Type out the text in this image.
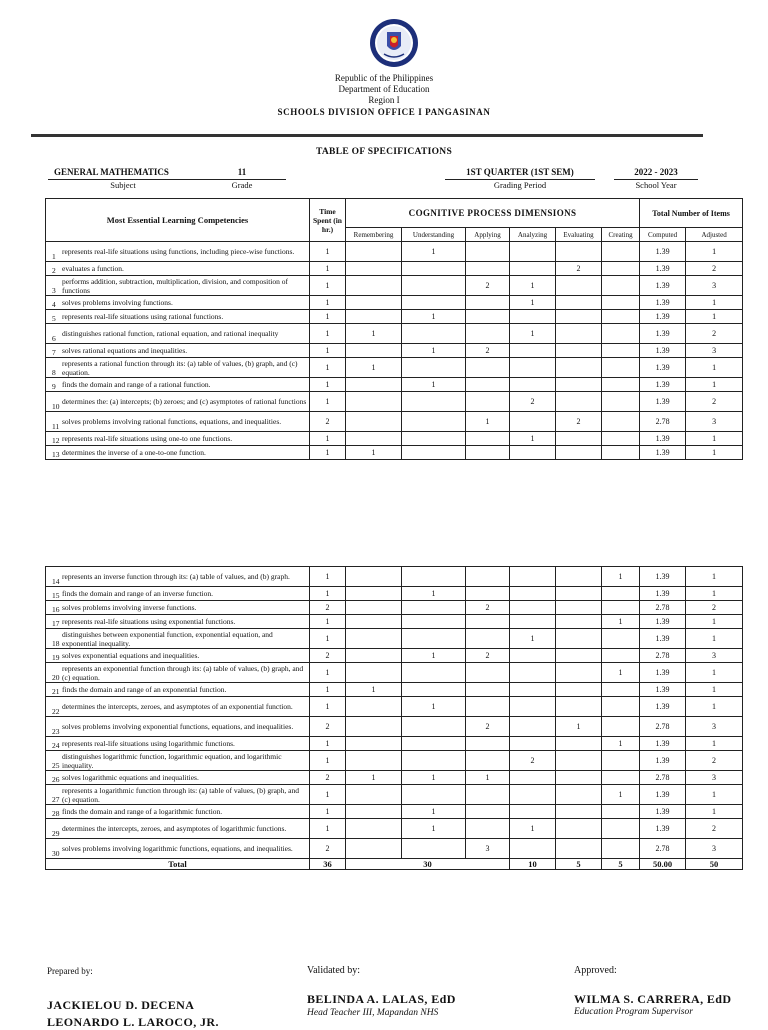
Republic of the Philippines
Department of Education
Region I
SCHOOLS DIVISION OFFICE I PANGASINAN
TABLE OF SPECIFICATIONS
GENERAL MATHEMATICS
Subject
11
Grade
1ST QUARTER (1ST SEM)
Grading Period
2022 - 2023
School Year
Most Essential Learning Competencies	Time Spent (in hr.)	COGNITIVE PROCESS DIMENSIONS						Total Number of Items	
		Remembering	Understanding	Applying	Analyzing	Evaluating	Creating	Computed	Adjusted

1
represents real-life situations using functions, including piece-wise functions.	1		1					1.39	1

2 evaluates a function.	1					2		1.39	2

3
performs addition, subtraction, multiplication, division, and composition of functions	1			2	1			1.39	3

4 solves problems involving functions.	1				1			1.39	1

5 represents real-life situations using rational functions.	1		1					1.39	1

6
distinguishes rational function, rational equation, and rational inequality	1	1			1			1.39	2

7 solves rational equations and inequalities.	1		1	2				1.39	3

8
represents a rational function through its: (a) table of values, (b) graph, and (c) equation.	1	1						1.39	1

9 finds the domain and range of a rational function.	1		1					1.39	1

10
determines the: (a) intercepts; (b) zeroes; and (c) asymptotes of rational functions	1				2			1.39	2

11
solves problems involving rational functions, equations, and inequalities.	2			1		2		2.78	3

12 represents real-life situations using one-to one functions.	1				1			1.39	1

13 determines the inverse of a one-to-one function.	1	1						1.39	1
14
represents an inverse function through its: (a) table of values, and (b) graph.	1						1	1.39	1

15 finds the domain and range of an inverse function.	1		1					1.39	1

16 solves problems involving inverse functions.	2			2				2.78	2

17 represents real-life situations using exponential functions.	1						1	1.39	1

18
distinguishes between exponential function, exponential equation, and exponential inequality.	1				1			1.39	1

19 solves exponential equations and inequalities.	2		1	2				2.78	3

20
represents an exponential function through its: (a) table of values, (b) graph, and (c) equation.	1						1	1.39	1

21 finds the domain and range of an exponential function.	1	1						1.39	1

22
determines the intercepts, zeroes, and asymptotes of an exponential function.	1		1					1.39	1

23
solves problems involving exponential functions, equations, and inequalities.	2			2		1		2.78	3

24 represents real-life situations using logarithmic functions.	1						1	1.39	1

25
distinguishes logarithmic function, logarithmic equation, and logarithmic inequality.	1				2			1.39	2

26 solves logarithmic equations and inequalities.	2	1	1	1				2.78	3

27
represents a logarithmic function through its: (a) table of values, (b) graph, and (c) equation.	1						1	1.39	1

28 finds the domain and range of a logarithmic function.	1		1					1.39	1

29
determines the intercepts, zeroes, and asymptotes of logarithmic functions.	1		1		1			1.39	2

30
solves problems involving logarithmic functions, equations, and inequalities.	2			3				2.78	3
Total	36	30			10	5	5	50.00	50
Prepared by:	Validated by:	Approved:
JACKIELOU D. DECENA
LEONARDO L. LAROCO, JR.
BELINDA A. LALAS, EdD
Head Teacher III, Mapandan NHS
WILMA S. CARRERA, EdD
Education Program Supervisor
